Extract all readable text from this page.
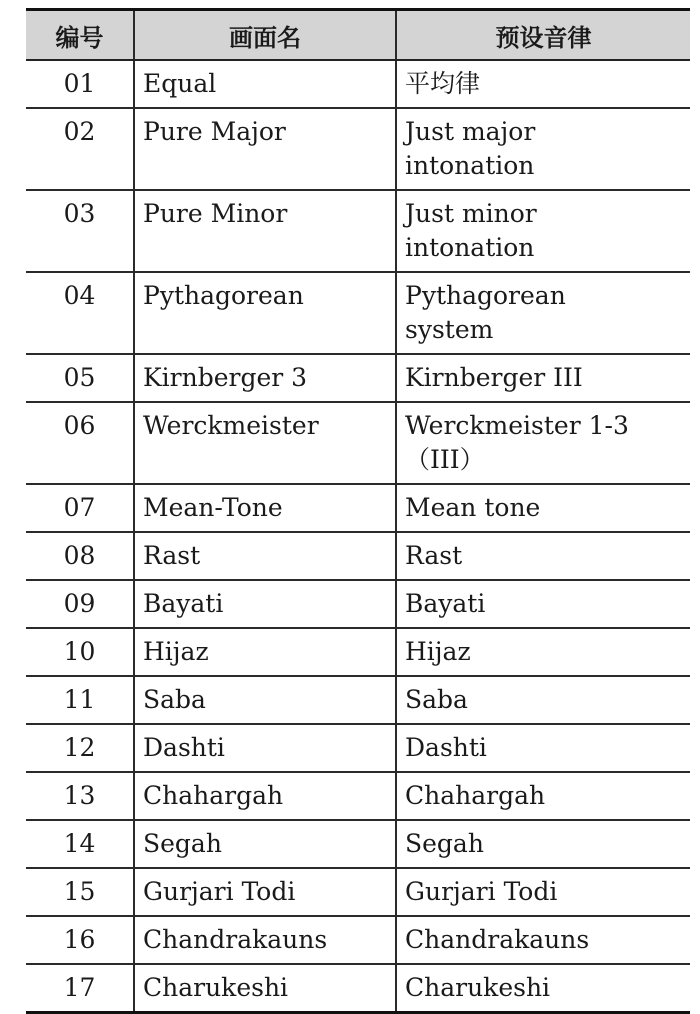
编号	画面名	预设音律

01	Equal	平均律

02	Pure Major	Just major
intonation

03	Pure Minor	Just minor
intonation

04	Pythagorean	Pythagorean
system

05	Kirnberger 3	Kirnberger III

06	Werckmeister	Werckmeister 1-3
（III）

07	Mean-Tone	Mean tone

08	Rast	Rast

09	Bayati	Bayati

10	Hijaz	Hijaz

11	Saba	Saba

12	Dashti	Dashti

13	Chahargah	Chahargah

14	Segah	Segah

15	Gurjari Todi	Gurjari Todi

16	Chandrakauns	Chandrakauns

17	Charukeshi	Charukeshi
